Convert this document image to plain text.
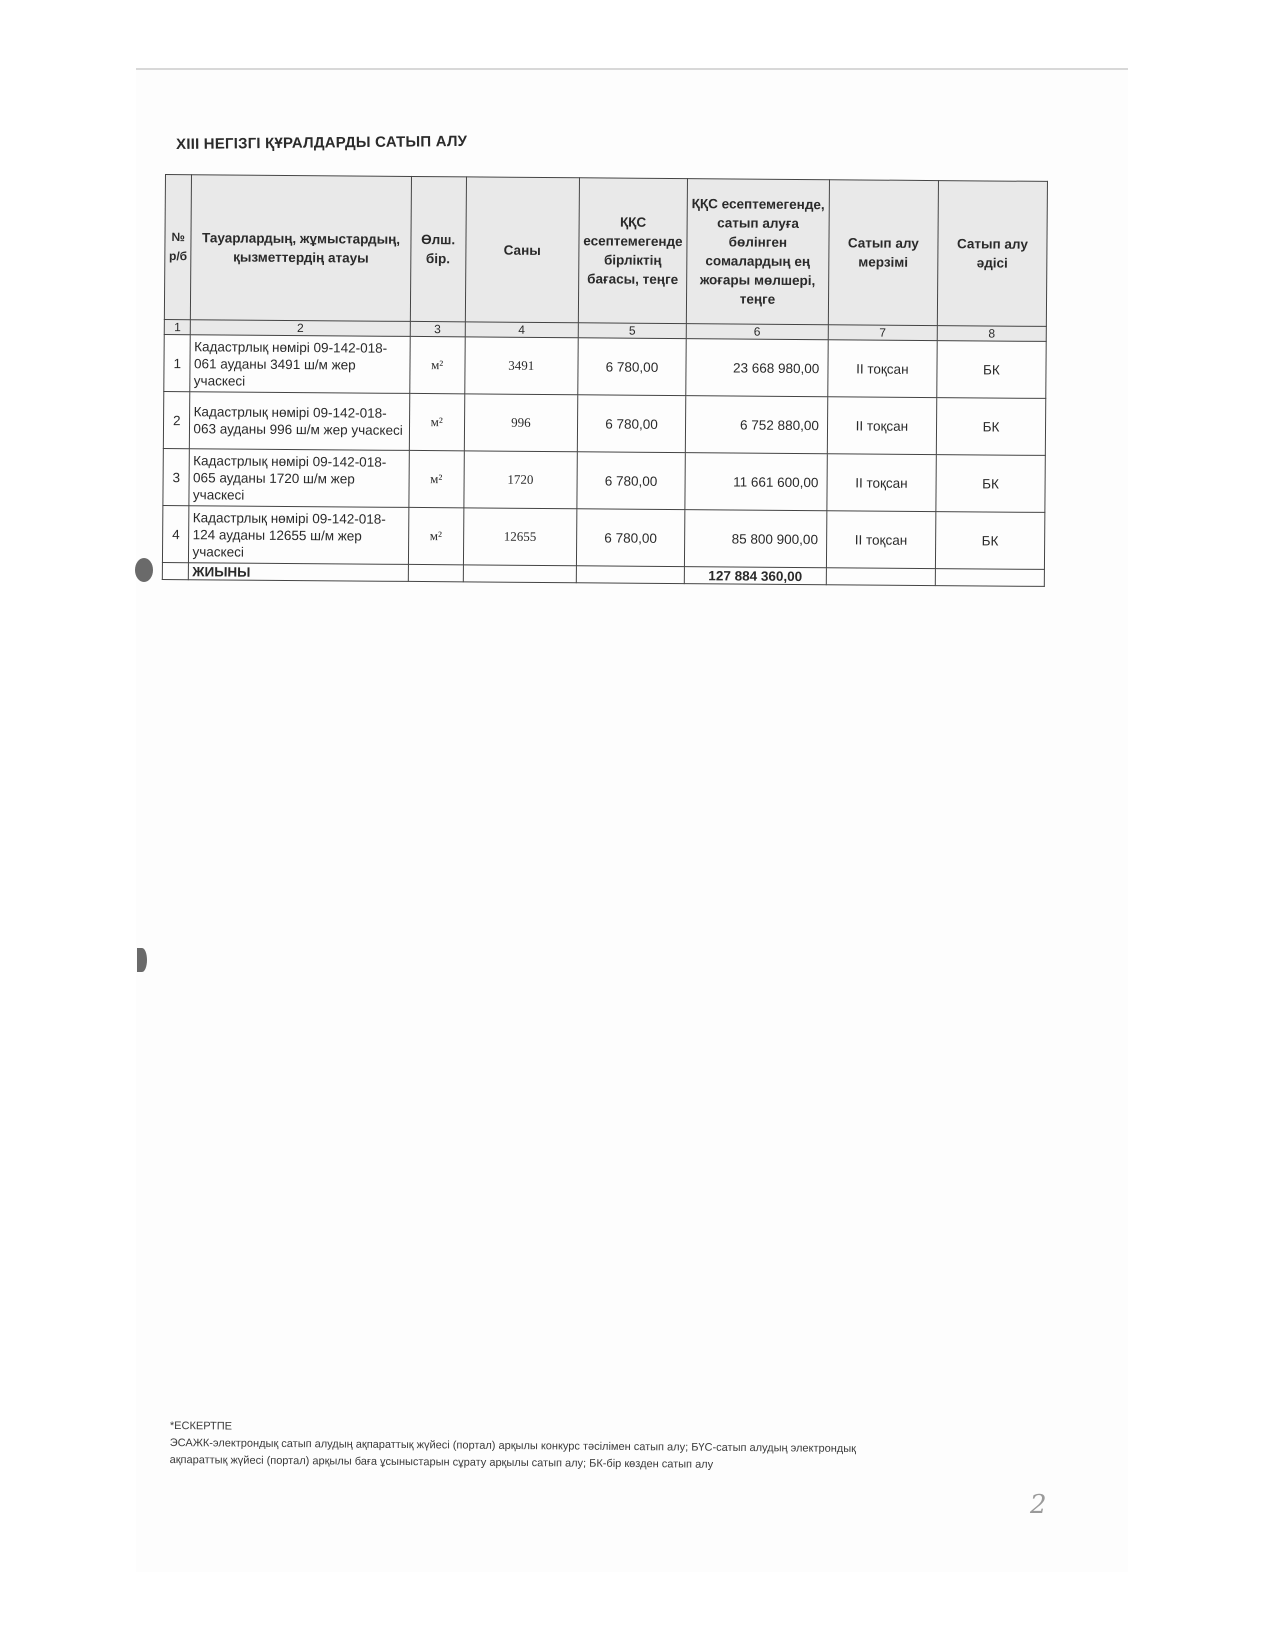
XIII НЕГІЗГІ ҚҰРАЛДАРДЫ САТЫП АЛУ
№ р/б	Тауарлардың, жұмыстардың, қызметтердің атауы	Өлш. бір.	Саны	ҚҚС есептемегенде бірліктің бағасы, теңге	ҚҚС есептемегенде, сатып алуға бөлінген сомалардың ең жоғары мөлшері, теңге	Сатып алу мерзімі	Сатып алу әдісі
1	2	3	4	5	6	7	8
1	Кадастрлық нөмірі 09-142-018-061 ауданы 3491 ш/м жер учаскесі	м²	3491	6 780,00	23 668 980,00	II тоқсан	БК
2	Кадастрлық нөмірі 09-142-018-063 ауданы 996 ш/м жер учаскесі	м²	996	6 780,00	6 752 880,00	II тоқсан	БК
3	Кадастрлық нөмірі 09-142-018-065 ауданы 1720 ш/м жер учаскесі	м²	1720	6 780,00	11 661 600,00	II тоқсан	БК
4	Кадастрлық нөмірі 09-142-018-124 ауданы 12655 ш/м жер учаскесі	м²	12655	6 780,00	85 800 900,00	II тоқсан	БК
	ЖИЫНЫ				127 884 360,00		
*ЕСКЕРТПЕ
ЭСАЖК-электрондық сатып алудың ақпараттық жүйесі (портал) арқылы конкурс тәсілімен сатып алу; БҮС-сатып алудың электрондық
ақпараттық жүйесі (портал) арқылы баға ұсыныстарын сұрату арқылы сатып алу; БК-бір көзден сатып алу
2
